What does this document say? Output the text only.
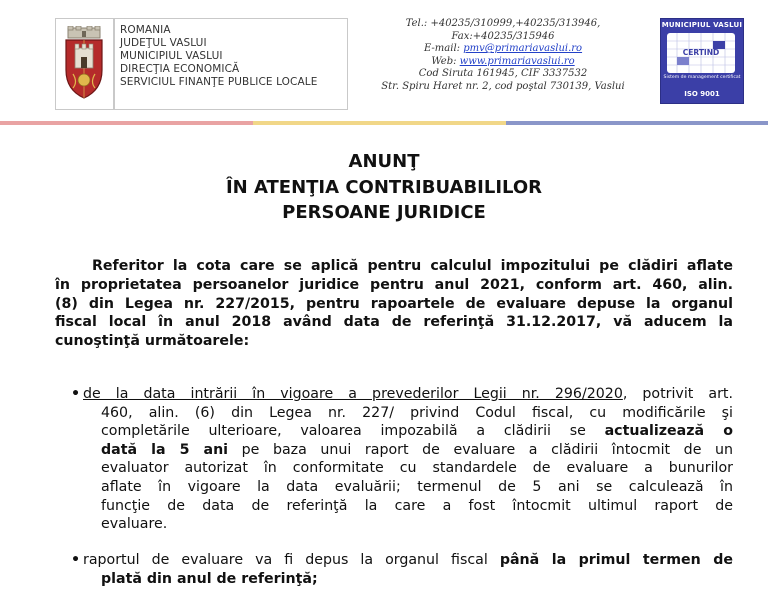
ROMANIA
JUDEŢUL VASLUI
MUNICIPIUL VASLUI
DIRECŢIA ECONOMICĂ
SERVICIUL FINANŢE PUBLICE LOCALE
Tel.: +40235/310999,+40235/313946,
Fax:+40235/315946
E-mail: pmv@primariavaslui.ro
Web: www.primariavaslui.ro
Cod Siruta 161945, CIF 3337532
Str. Spiru Haret nr. 2, cod poştal 730139, Vaslui
MUNICIPIUL VASLUI
CERTIND
Sistem de management certificat
ISO 9001
ANUNŢ
ÎN ATENŢIA CONTRIBUABILILOR
PERSOANE JURIDICE
Referitor la cota care se aplică pentru calculul impozitului pe clădiri aflate
în proprietatea persoanelor juridice pentru anul 2021, conform art. 460, alin.
(8) din Legea nr. 227/2015, pentru rapoartele de evaluare depuse la organul
fiscal local în anul 2018 având data de referinţă 31.12.2017, vă aducem la
cunoştinţă următoarele:
• de la data intrării în vigoare a prevederilor Legii nr. 296/2020, potrivit art.
460, alin. (6) din Legea nr. 227/ privind Codul fiscal, cu modificările şi
completările ulterioare, valoarea impozabilă a clădirii se actualizează o
dată la 5 ani pe baza unui raport de evaluare a clădirii întocmit de un
evaluator autorizat în conformitate cu standardele de evaluare a bunurilor
aflate în vigoare la data evaluării; termenul de 5 ani se calculează în
funcţie de data de referinţă la care a fost întocmit ultimul raport de
evaluare.
• raportul de evaluare va fi depus la organul fiscal până la primul termen de
plată din anul de referinţă;
